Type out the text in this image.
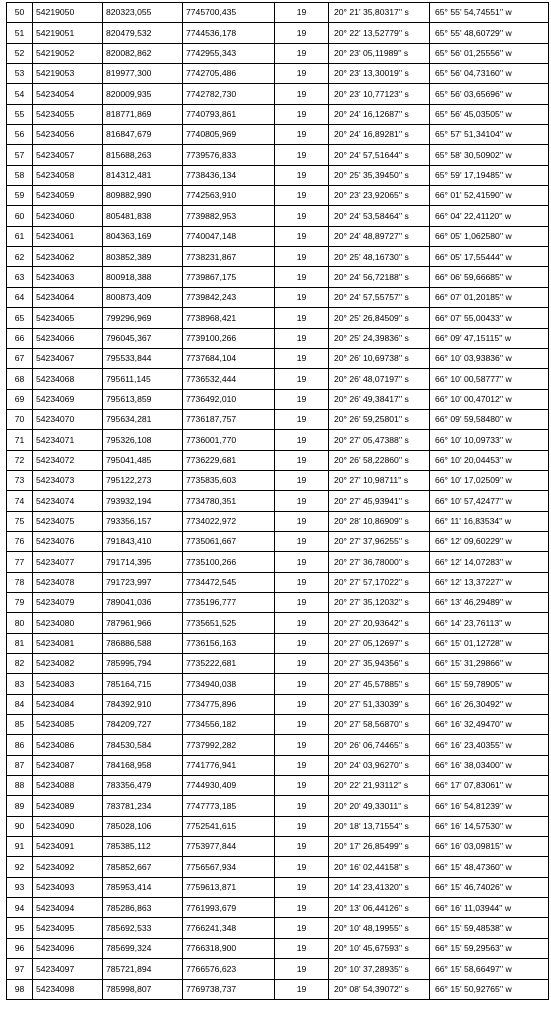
50	54219050	820323,055	7745700,435	19	20° 21' 35,80317'' s	65° 55' 54,74551'' w
51	54219051	820479,532	7744536,178	19	20° 22' 13,52779'' s	65° 55' 48,60729'' w
52	54219052	820082,862	7742955,343	19	20° 23' 05,11989'' s	65° 56' 01,25556'' w
53	54219053	819977,300	7742705,486	19	20° 23' 13,30019'' s	65° 56' 04,73160'' w
54	54234054	820009,935	7742782,730	19	20° 23' 10,77123'' s	65° 56' 03,65696'' w
55	54234055	818771,869	7740793,861	19	20° 24' 16,12687'' s	65° 56' 45,03505'' w
56	54234056	816847,679	7740805,969	19	20° 24' 16,89281'' s	65° 57' 51,34104'' w
57	54234057	815688,263	7739576,833	19	20° 24' 57,51644'' s	65° 58' 30,50902'' w
58	54234058	814312,481	7738436,134	19	20° 25' 35,39450'' s	65° 59' 17,19485'' w
59	54234059	809882,990	7742563,910	19	20° 23' 23,92065'' s	66° 01' 52,41590'' w
60	54234060	805481,838	7739882,953	19	20° 24' 53,58464'' s	66° 04' 22,41120'' w
61	54234061	804363,169	7740047,148	19	20° 24' 48,89727'' s	66° 05' 1,062580'' w
62	54234062	803852,389	7738231,867	19	20° 25' 48,16730'' s	66° 05' 17,55444'' w
63	54234063	800918,388	7739867,175	19	20° 24' 56,72188'' s	66° 06' 59,66685'' w
64	54234064	800873,409	7739842,243	19	20° 24' 57,55757'' s	66° 07' 01,20185'' w
65	54234065	799296,969	7738968,421	19	20° 25' 26,84509'' s	66° 07' 55,00433'' w
66	54234066	796045,367	7739100,266	19	20° 25' 24,39836'' s	66° 09' 47,15115'' w
67	54234067	795533,844	7737684,104	19	20° 26' 10,69738'' s	66° 10' 03,93836'' w
68	54234068	795611,145	7736532,444	19	20° 26' 48,07197'' s	66° 10' 00,58777'' w
69	54234069	795613,859	7736492,010	19	20° 26' 49,38417'' s	66° 10' 00,47012'' w
70	54234070	795634,281	7736187,757	19	20° 26' 59,25801'' s	66° 09' 59,58480'' w
71	54234071	795326,108	7736001,770	19	20° 27' 05,47388'' s	66° 10' 10,09733'' w
72	54234072	795041,485	7736229,681	19	20° 26' 58,22860'' s	66° 10' 20,04453'' w
73	54234073	795122,273	7735835,603	19	20° 27' 10,98711'' s	66° 10' 17,02509'' w
74	54234074	793932,194	7734780,351	19	20° 27' 45,93941'' s	66° 10' 57,42477'' w
75	54234075	793356,157	7734022,972	19	20° 28' 10,86909'' s	66° 11' 16,83534'' w
76	54234076	791843,410	7735061,667	19	20° 27' 37,96255'' s	66° 12' 09,60229'' w
77	54234077	791714,395	7735100,266	19	20° 27' 36,78000'' s	66° 12' 14,07283'' w
78	54234078	791723,997	7734472,545	19	20° 27' 57,17022'' s	66° 12' 13,37227'' w
79	54234079	789041,036	7735196,777	19	20° 27' 35,12032'' s	66° 13' 46,29489'' w
80	54234080	787961,966	7735651,525	19	20° 27' 20,93642'' s	66° 14' 23,76113'' w
81	54234081	786886,588	7736156,163	19	20° 27' 05,12697'' s	66° 15' 01,12728'' w
82	54234082	785995,794	7735222,681	19	20° 27' 35,94356'' s	66° 15' 31,29866'' w
83	54234083	785164,715	7734940,038	19	20° 27' 45,57885'' s	66° 15' 59,78905'' w
84	54234084	784392,910	7734775,896	19	20° 27' 51,33039'' s	66° 16' 26,30492'' w
85	54234085	784209,727	7734556,182	19	20° 27' 58,56870'' s	66° 16' 32,49470'' w
86	54234086	784530,584	7737992,282	19	20° 26' 06,74465'' s	66° 16' 23,40355'' w
87	54234087	784168,958	7741776,941	19	20° 24' 03,96270'' s	66° 16' 38,03400'' w
88	54234088	783356,479	7744930,409	19	20° 22' 21,93112'' s	66° 17' 07,83061'' w
89	54234089	783781,234	7747773,185	19	20° 20' 49,33011'' s	66° 16' 54,81239'' w
90	54234090	785028,106	7752541,615	19	20° 18' 13,71554'' s	66° 16' 14,57530'' w
91	54234091	785385,112	7753977,844	19	20° 17' 26,85499'' s	66° 16' 03,09815'' w
92	54234092	785852,667	7756567,934	19	20° 16' 02,44158'' s	66° 15' 48,47360'' w
93	54234093	785953,414	7759613,871	19	20° 14' 23,41320'' s	66° 15' 46,74026'' w
94	54234094	785286,863	7761993,679	19	20° 13' 06,44126'' s	66° 16' 11,03944'' w
95	54234095	785692,533	7766241,348	19	20° 10' 48,19955'' s	66° 15' 59,48538'' w
96	54234096	785699,324	7766318,900	19	20° 10' 45,67593'' s	66° 15' 59,29563'' w
97	54234097	785721,894	7766576,623	19	20° 10' 37,28935'' s	66° 15' 58,66497'' w
98	54234098	785998,807	7769738,737	19	20° 08' 54,39072'' s	66° 15' 50,92765'' w
